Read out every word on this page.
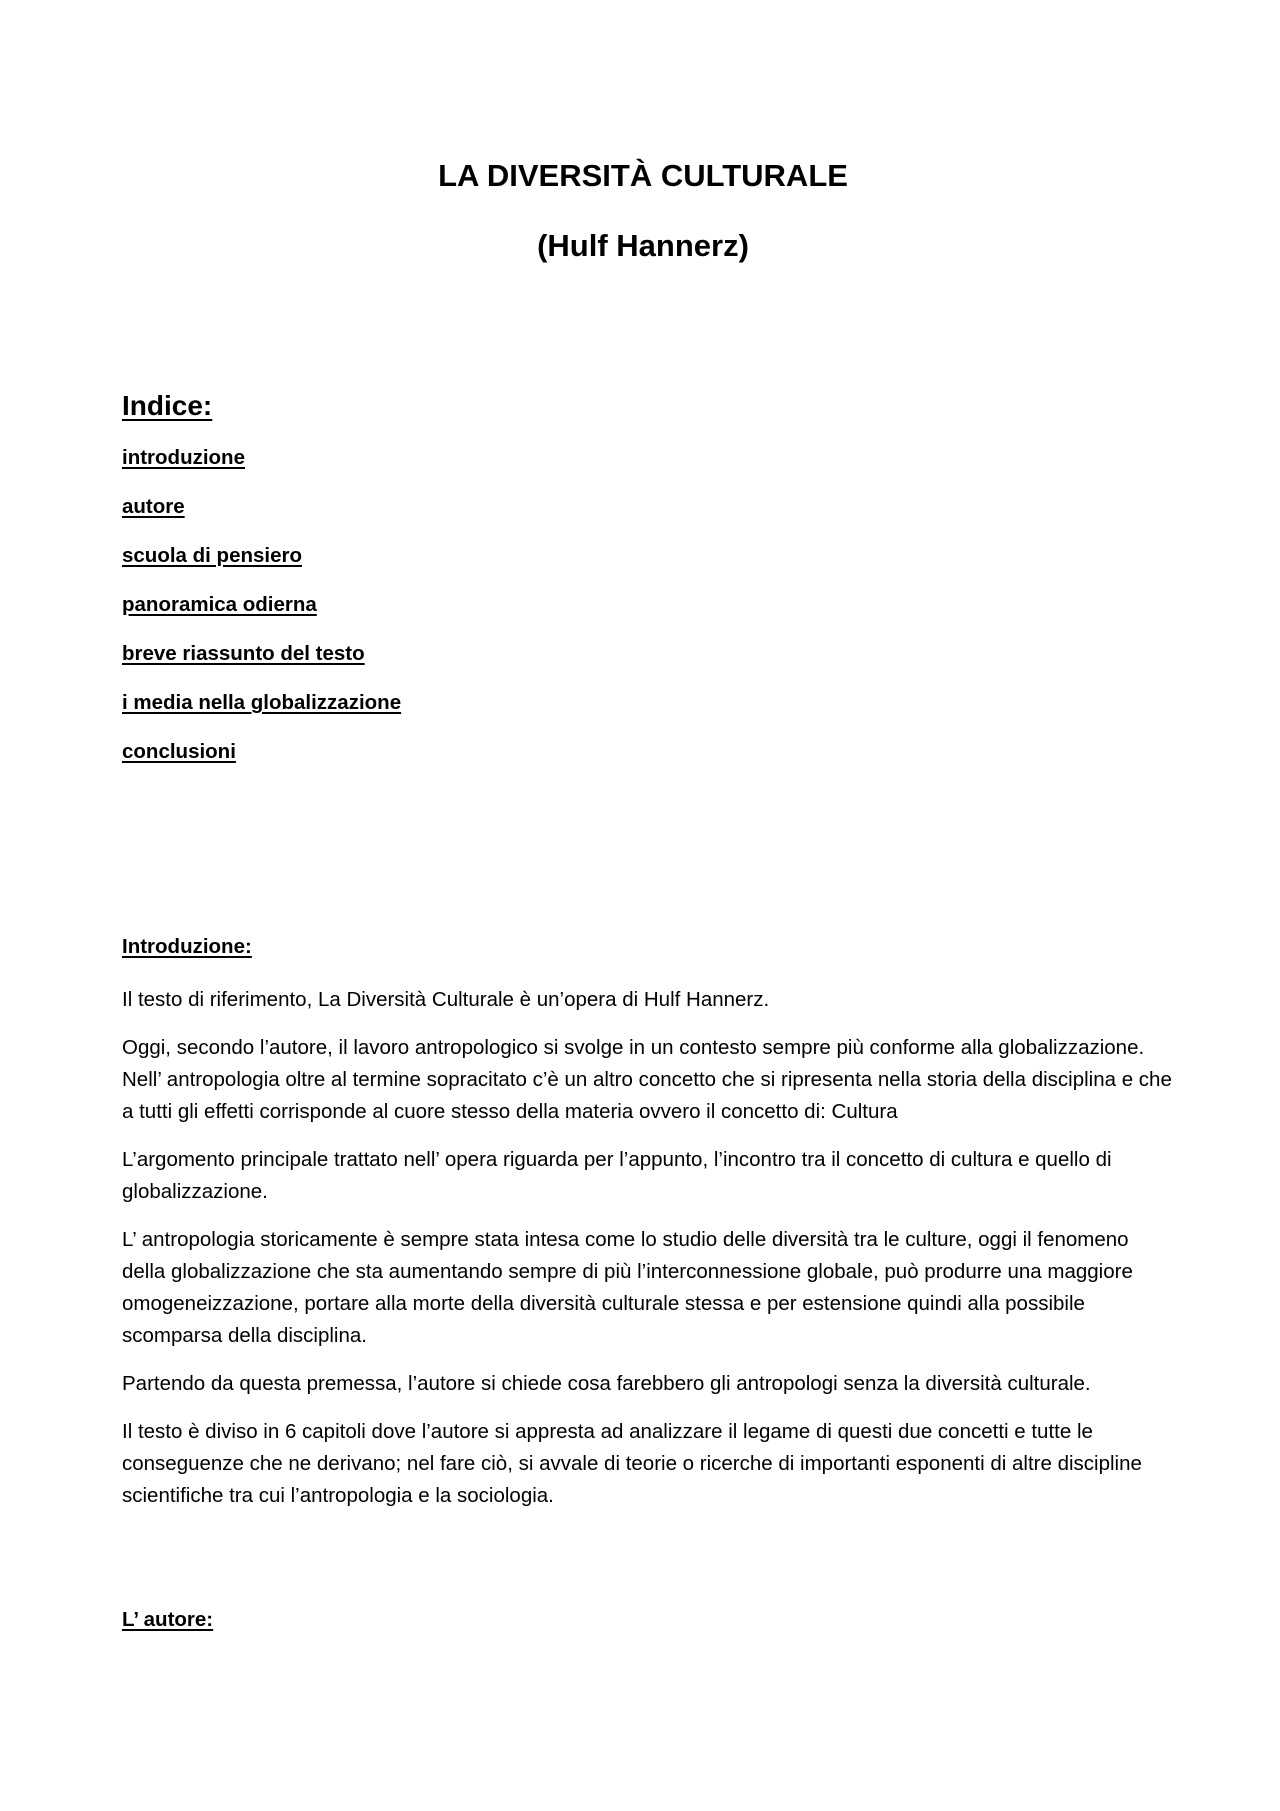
LA DIVERSITÀ CULTURALE
(Hulf Hannerz)
Indice:
introduzione
autore
scuola di pensiero
panoramica odierna
breve riassunto del testo
i media nella globalizzazione
conclusioni
Introduzione:

Il testo di riferimento, La Diversità Culturale è un’opera di Hulf Hannerz.

Oggi, secondo l’autore, il lavoro antropologico si svolge in un contesto sempre più conforme alla globalizzazione. Nell’ antropologia oltre al termine sopracitato c’è un altro concetto che si ripresenta nella storia della disciplina e che a tutti gli effetti corrisponde al cuore stesso della materia ovvero il concetto di: Cultura

L’argomento principale trattato nell’ opera riguarda per l’appunto, l’incontro tra il concetto di cultura e quello di globalizzazione.

L’ antropologia storicamente è sempre stata intesa come lo studio delle diversità tra le culture, oggi il fenomeno della globalizzazione che sta aumentando sempre di più l’interconnessione globale, può produrre una maggiore omogeneizzazione, portare alla morte della diversità culturale stessa e per estensione quindi alla possibile scomparsa della disciplina.

Partendo da questa premessa, l’autore si chiede cosa farebbero gli antropologi senza la diversità culturale.

Il testo è diviso in 6 capitoli dove l’autore si appresta ad analizzare il legame di questi due concetti e tutte le conseguenze che ne derivano; nel fare ciò, si avvale di teorie o ricerche di importanti esponenti di altre discipline scientifiche tra cui l’antropologia e la sociologia.

L’ autore:
